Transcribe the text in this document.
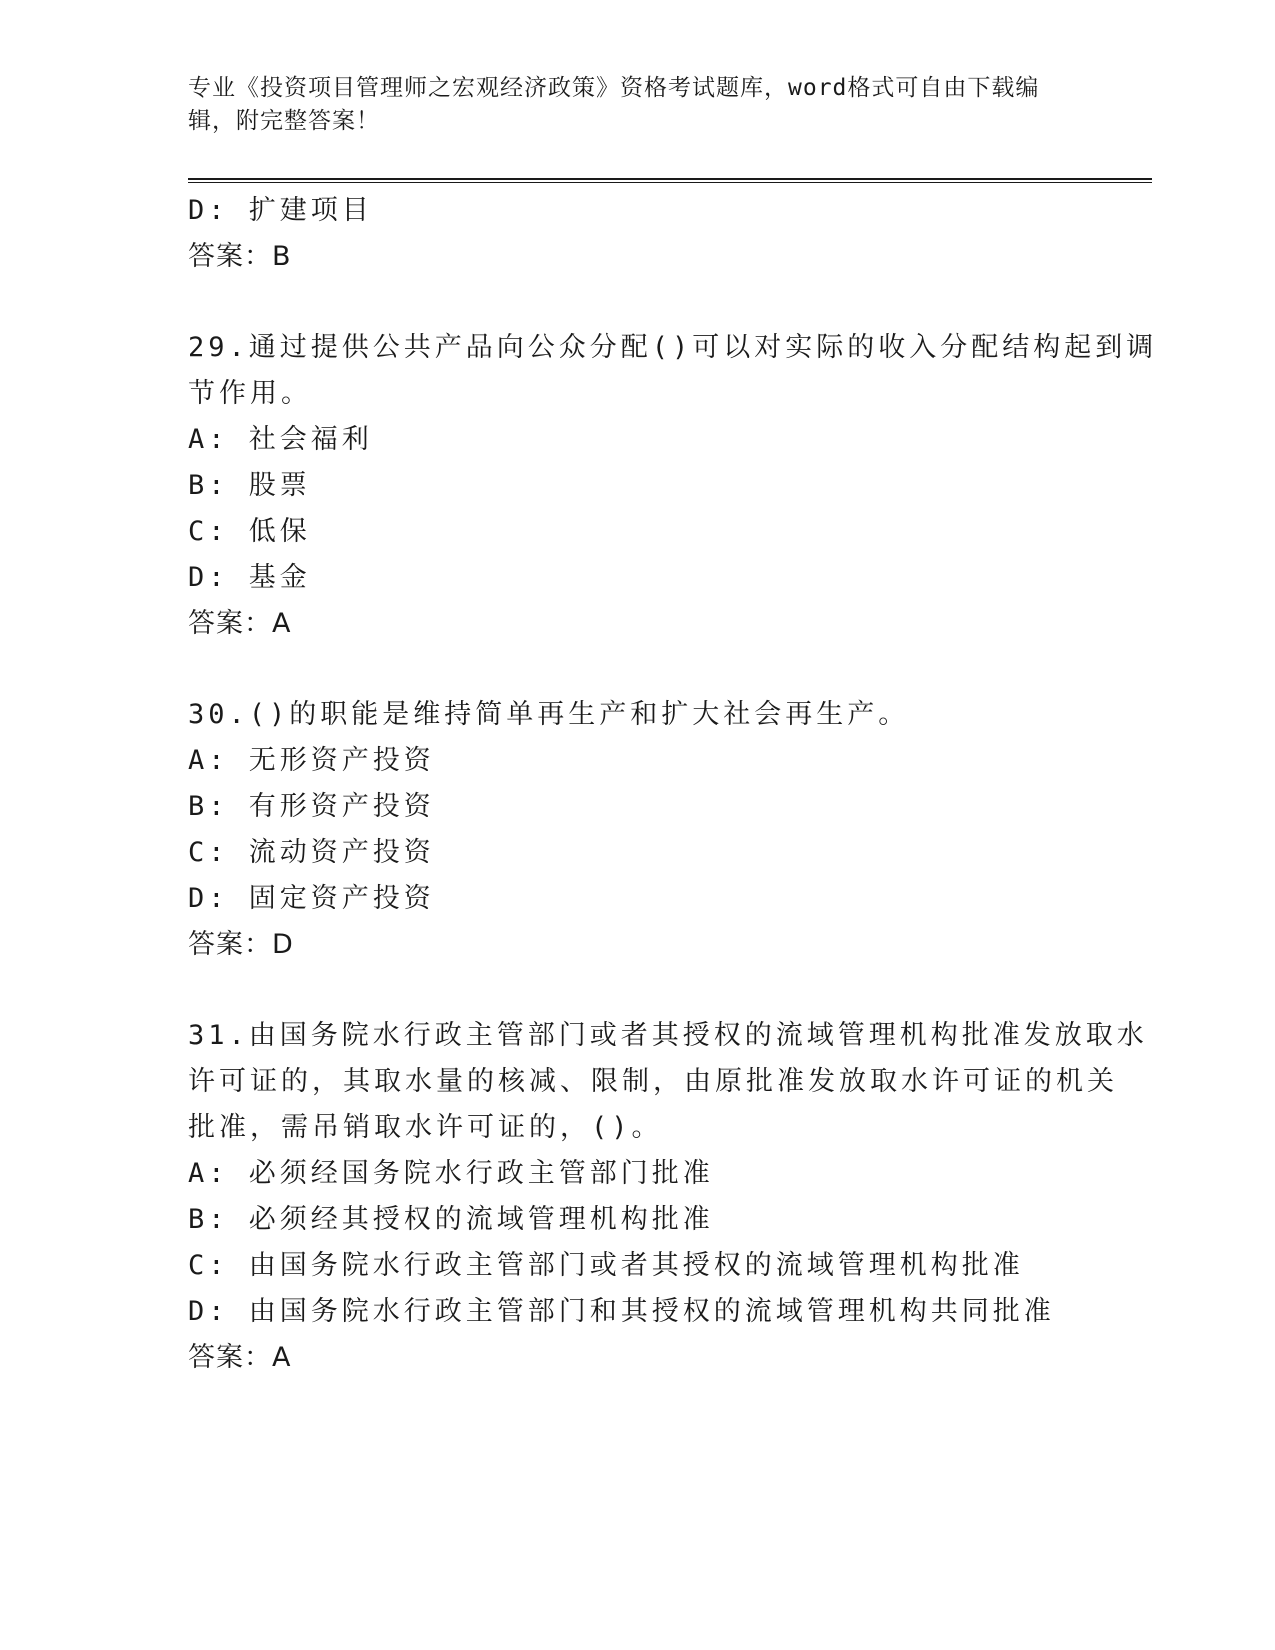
专业《投资项目管理师之宏观经济政策》资格考试题库，word格式可自由下载编
辑，附完整答案！
D: 扩建项目
答案：B
29.通过提供公共产品向公众分配()可以对实际的收入分配结构起到调
节作用。
A: 社会福利
B: 股票
C: 低保
D: 基金
答案：A
30.()的职能是维持简单再生产和扩大社会再生产。
A: 无形资产投资
B: 有形资产投资
C: 流动资产投资
D: 固定资产投资
答案：D
31.由国务院水行政主管部门或者其授权的流域管理机构批准发放取水
许可证的，其取水量的核减、限制，由原批准发放取水许可证的机关
批准，需吊销取水许可证的，()。
A: 必须经国务院水行政主管部门批准
B: 必须经其授权的流域管理机构批准
C: 由国务院水行政主管部门或者其授权的流域管理机构批准
D: 由国务院水行政主管部门和其授权的流域管理机构共同批准
答案：A
